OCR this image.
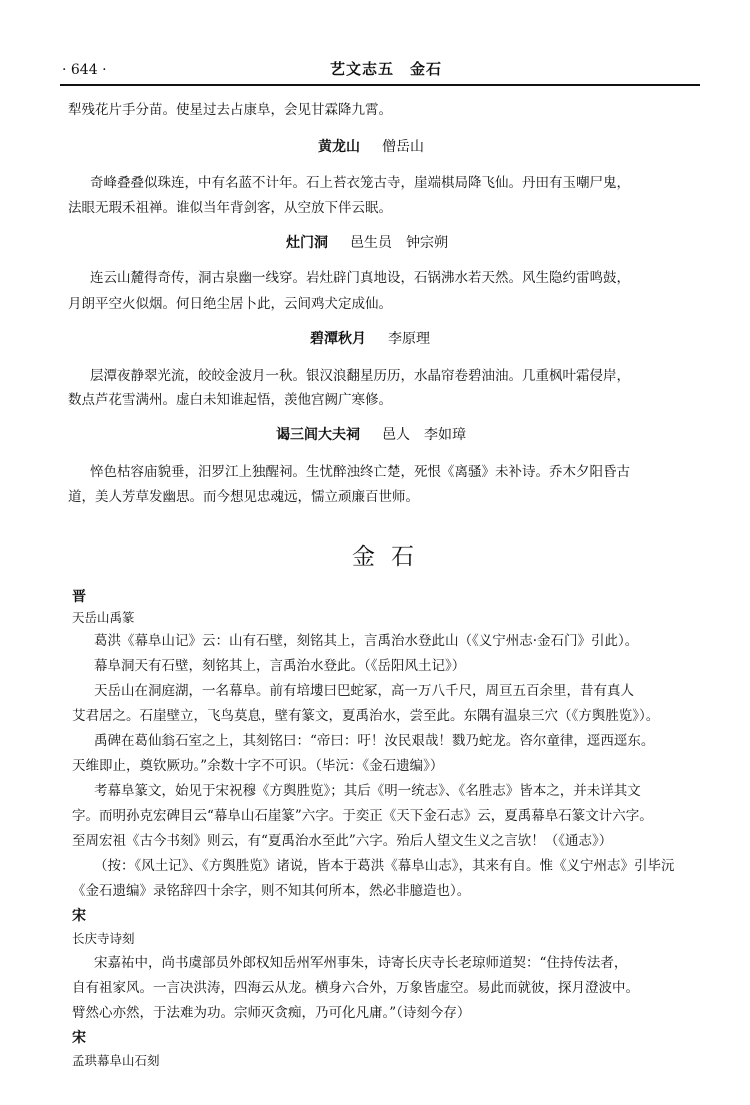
· 644 ·	艺文志五　金石
犁残花片手分苗。使星过去占康阜，会见甘霖降九霄。
黄龙山 僧岳山
奇峰叠叠似珠连，中有名蓝不计年。石上苔衣笼古寺，崖端棋局降飞仙。丹田有玉嘲尸鬼，
法眼无瑕禾祖禅。谁似当年背剑客，从空放下伴云眠。
灶门洞 邑生员　钟宗朔
连云山麓得奇传，洞古泉幽一线穿。岩灶辟门真地设，石锅沸水若天然。风生隐约雷鸣鼓，
月朗平空火似烟。何日绝尘居卜此，云间鸡犬定成仙。
碧潭秋月 李原理
层潭夜静翠光流，皎皎金波月一秋。银汉浪翻星历历，水晶帘卷碧油油。几重枫叶霜侵岸，
数点芦花雪满州。虚白未知谁起悟，羡他宫阙广寒修。
谒三闾大夫祠 邑人　李如璋
悴色枯容庙貌垂，汨罗江上独醒祠。生忧醉浊终亡楚，死恨《离骚》未补诗。乔木夕阳昏古
道，美人芳草发幽思。而今想见忠魂远，懦立顽廉百世师。
金石
晋
天岳山禹篆
葛洪《幕阜山记》云：山有石壁，刻铭其上，言禹治水登此山（《义宁州志·金石门》引此）。
幕阜洞天有石壁，刻铭其上，言禹治水登此。（《岳阳风土记》）
天岳山在洞庭湖，一名幕阜。前有培塿曰巴蛇冢，高一万八千尺，周亘五百余里，昔有真人
艾君居之。石崖壁立，飞鸟莫息，壁有篆文，夏禹治水，尝至此。东隅有温泉三穴（《方舆胜览》）。
禹碑在葛仙翁石室之上，其刻铭曰：“帝曰：吁！汝民艰哉！戮乃蛇龙。咨尔童律，逕西逕东。
天维即止，奠钦厥功。”余数十字不可识。（毕沅：《金石遗编》）
考幕阜篆文，始见于宋祝穆《方舆胜览》；其后《明一统志》、《名胜志》皆本之，并未详其文
字。而明孙克宏碑目云“幕阜山石崖篆”六字。于奕正《天下金石志》云，夏禹幕阜石篆文计六字。
至周宏祖《古今书刻》则云，有“夏禹治水至此”六字。殆后人望文生义之言欤！（《通志》）
（按：《风土记》、《方舆胜览》诸说，皆本于葛洪《幕阜山志》，其来有自。惟《义宁州志》引毕沅
《金石遗编》录铭辞四十余字，则不知其何所本，然必非臆造也）。
宋
长庆寺诗刻
宋嘉祐中，尚书虞部员外郎权知岳州军州事朱，诗寄长庆寺长老琼师道契：“住持传法者，
自有祖家风。一言决洪涛，四海云从龙。横身六合外，万象皆虚空。易此而就彼，探月澄波中。
臂然心亦然，于法难为功。宗师灭贪痴，乃可化凡庸。”（诗刻今存）
宋
孟珙幕阜山石刻
